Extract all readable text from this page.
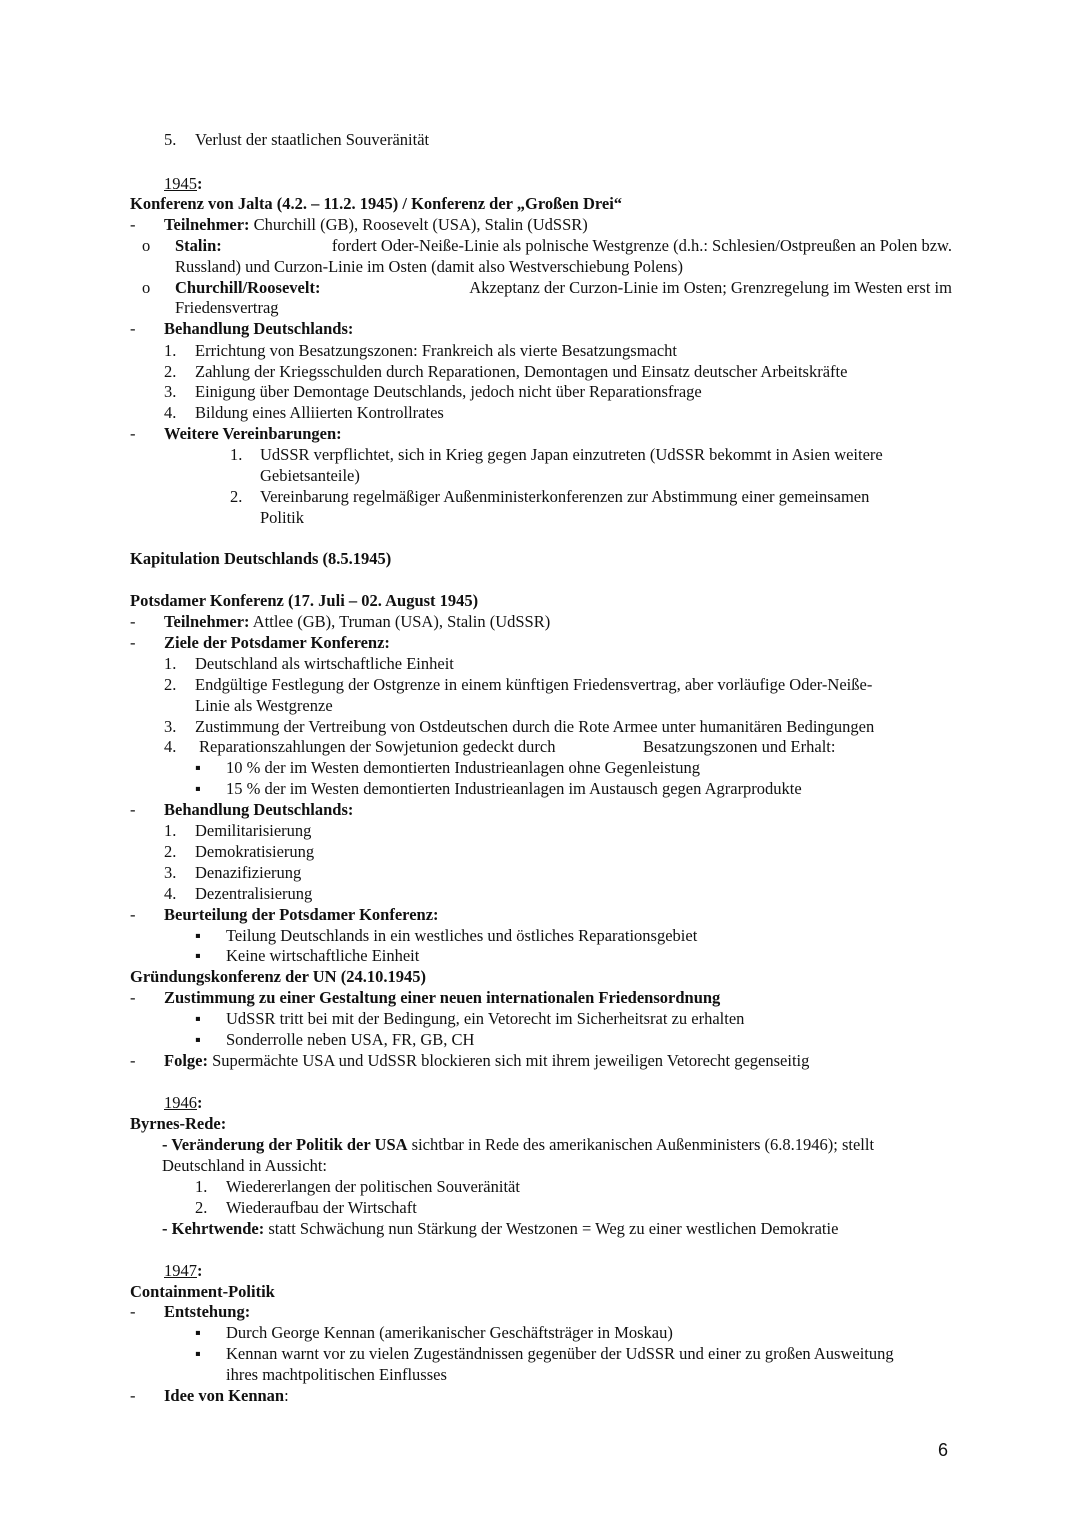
5. Verlust der staatlichen Souveränität
1945:
Konferenz von Jalta (4.2. – 11.2. 1945) / Konferenz der „Großen Drei“
- Teilnehmer: Churchill (GB), Roosevelt (USA), Stalin (UdSSR)
o Stalin:
	fordert Oder-Neiße-Linie als polnische Westgrenze (d.h.: Schlesien/Ostpreußen an Polen bzw.
Russland) und Curzon-Linie im Osten (damit also Westverschiebung Polens)
o Churchill/Roosevelt:
	Akzeptanz der Curzon-Linie im Osten; Grenzregelung im Westen erst im
Friedensvertrag
- Behandlung Deutschlands:
1. Errichtung von Besatzungszonen: Frankreich als vierte Besatzungsmacht
2. Zahlung der Kriegsschulden durch Reparationen, Demontagen und Einsatz deutscher Arbeitskräfte
3. Einigung über Demontage Deutschlands, jedoch nicht über Reparationsfrage
4. Bildung eines Alliierten Kontrollrates
- Weitere Vereinbarungen:
1. UdSSR verpflichtet, sich in Krieg gegen Japan einzutreten (UdSSR bekommt in Asien weitere
Gebietsanteile)
2. Vereinbarung regelmäßiger Außenministerkonferenzen zur Abstimmung einer gemeinsamen
Politik
Kapitulation Deutschlands (8.5.1945)
Potsdamer Konferenz (17. Juli – 02. August 1945)
- Teilnehmer: Attlee (GB), Truman (USA), Stalin (UdSSR)
- Ziele der Potsdamer Konferenz:
1. Deutschland als wirtschaftliche Einheit
2. Endgültige Festlegung der Ostgrenze in einem künftigen Friedensvertrag, aber vorläufige Oder-Neiße-
Linie als Westgrenze
3. Zustimmung der Vertreibung von Ostdeutschen durch die Rote Armee unter humanitären Bedingungen
4. Reparationszahlungen der Sowjetunion gedeckt durch	Besatzungszonen und Erhalt:
▪ 10 % der im Westen demontierten Industrieanlagen ohne Gegenleistung
▪ 15 % der im Westen demontierten Industrieanlagen im Austausch gegen Agrarprodukte
- Behandlung Deutschlands:
1. Demilitarisierung
2. Demokratisierung
3. Denazifizierung
4. Dezentralisierung
- Beurteilung der Potsdamer Konferenz:
▪ Teilung Deutschlands in ein westliches und östliches Reparationsgebiet
▪ Keine wirtschaftliche Einheit
Gründungskonferenz der UN (24.10.1945)
- Zustimmung zu einer Gestaltung einer neuen internationalen Friedensordnung
▪ UdSSR tritt bei mit der Bedingung, ein Vetorecht im Sicherheitsrat zu erhalten
▪ Sonderrolle neben USA, FR, GB, CH
- Folge: Supermächte USA und UdSSR blockieren sich mit ihrem jeweiligen Vetorecht gegenseitig
1946:
Byrnes-Rede:
- Veränderung der Politik der USA sichtbar in Rede des amerikanischen Außenministers (6.8.1946); stellt
Deutschland in Aussicht:
1. Wiedererlangen der politischen Souveränität
2. Wiederaufbau der Wirtschaft
- Kehrtwende: statt Schwächung nun Stärkung der Westzonen = Weg zu einer westlichen Demokratie
1947:
Containment-Politik
- Entstehung:
▪ Durch George Kennan (amerikanischer Geschäftsträger in Moskau)
▪ Kennan warnt vor zu vielen Zugeständnissen gegenüber der UdSSR und einer zu großen Ausweitung
ihres machtpolitischen Einflusses
- Idee von Kennan:
6
